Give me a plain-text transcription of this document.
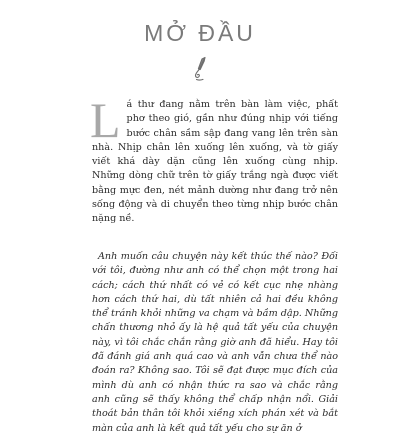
MỞ ĐẦU

Lá thư đang nằm trên bàn làm việc, phất phơ theo gió, gần như đúng nhịp với tiếng bước chân sầm sập đang vang lên trên sàn nhà. Nhịp chân lên xuống lên xuống, và tờ giấy viết khá dày dặn cũng lên xuống cùng nhịp. Những dòng chữ trên tờ giấy trắng ngà được viết bằng mực đen, nét mảnh dường như đang trở nên sống động và di chuyển theo từng nhịp bước chân nặng nề.

Anh muốn câu chuyện này kết thúc thế nào? Đối với tôi, đường như anh có thể chọn một trong hai cách; cách thứ nhất có vẻ có kết cục nhẹ nhàng hơn cách thứ hai, dù tất nhiên cả hai đều không thể tránh khỏi những va chạm và bầm dập. Những chấn thương nhỏ ấy là hệ quả tất yếu của chuyện này, vì tôi chắc chắn rằng giờ anh đã hiểu. Hay tôi đã đánh giá anh quá cao và anh vẫn chưa thể nào đoán ra? Không sao. Tôi sẽ đạt được mục đích của mình dù anh có nhận thức ra sao và chắc rằng anh cũng sẽ thấy không thể chấp nhận nổi. Giải thoát bản thân tôi khỏi xiềng xích phán xét và bắt màn của anh là kết quả tất yếu cho sự ăn ở
